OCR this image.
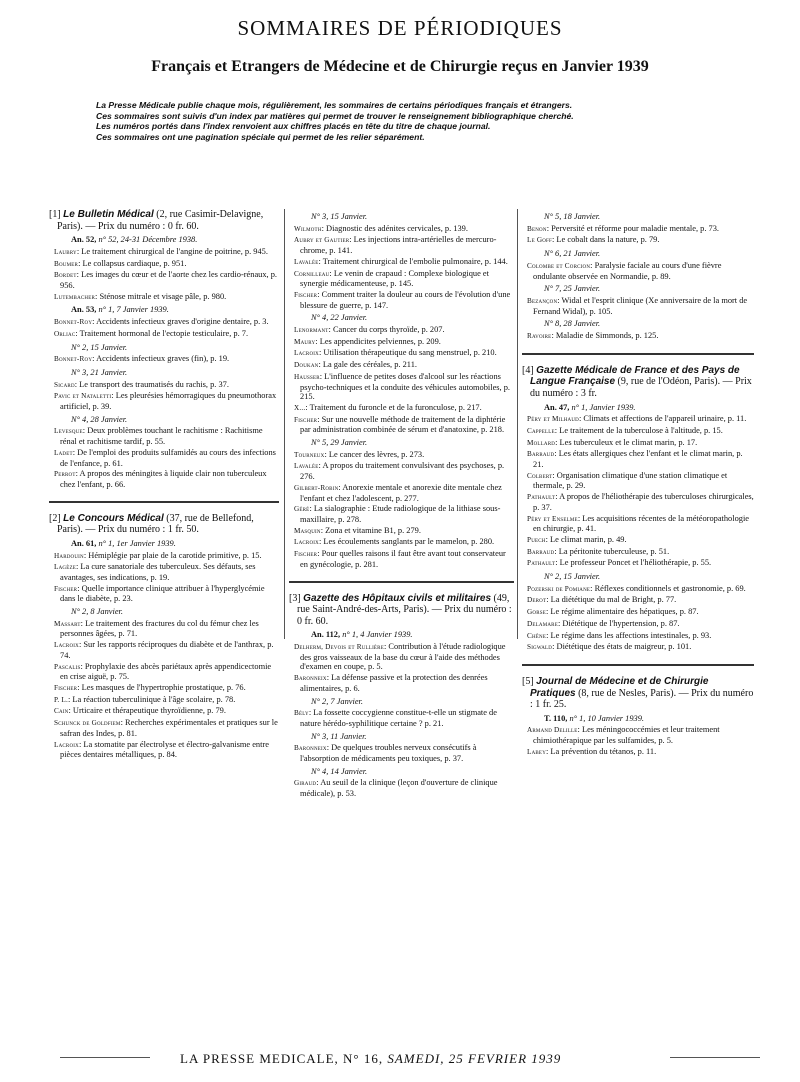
SOMMAIRES DE PÉRIODIQUES
Français et Etrangers de Médecine et de Chirurgie reçus en Janvier 1939
La Presse Médicale publie chaque mois, régulièrement, les sommaires de certains périodiques français et étrangers.
Ces sommaires sont suivis d'un index par matières qui permet de trouver le renseignement bibliographique cherché.
Les numéros portés dans l'index renvoient aux chiffres placés en tête du titre de chaque journal.
Ces sommaires ont une pagination spéciale qui permet de les relier séparément.
[1] Le Bulletin Médical (2, rue Casimir-Delavigne, Paris). — Prix du numéro : 0 fr. 60.
An. 52, n° 52, 24-31 Décembre 1938.
Laubry: Le traitement chirurgical de l'angine de poitrine, p. 945.
Boumer: Le collapsus cardiaque, p. 951.
Bordet: Les images du cœur et de l'aorte chez les cardio-rénaux, p. 956.
Lutembacher: Sténose mitrale et visage pâle, p. 980.
An. 53, n° 1, 7 Janvier 1939.
Bonnet-Roy: Accidents infectieux graves d'origine dentaire, p. 3.
Orliac: Traitement hormonal de l'ectopie testiculaire, p. 7.
N° 2, 15 Janvier.
Bonnet-Roy: Accidents infectieux graves (fin), p. 19.
N° 3, 21 Janvier.
Sicard: Le transport des traumatisés du rachis, p. 37.
Pavic et Nataletti: Les pleurésies hémorragiques du pneumothorax artificiel, p. 39.
N° 4, 28 Janvier.
Levesque: Deux problèmes touchant le rachitisme : Rachitisme rénal et rachitisme tardif, p. 55.
Ladet: De l'emploi des produits sulfamidés au cours des infections de l'enfance, p. 61.
Perrot: A propos des méningites à liquide clair non tuberculeux chez l'enfant, p. 66.
[2] Le Concours Médical (37, rue de Bellefond, Paris). — Prix du numéro : 1 fr. 50.
An. 61, n° 1, 1er Janvier 1939.
Hardouin: Hémiplégie par plaie de la carotide primitive, p. 15.
Lagèze: La cure sanatoriale des tuberculeux. Ses défauts, ses avantages, ses indications, p. 19.
Fischer: Quelle importance clinique attribuer à l'hyperglycémie dans le diabète, p. 23.
N° 2, 8 Janvier.
Massart: Le traitement des fractures du col du fémur chez les personnes âgées, p. 71.
Lacroix: Sur les rapports réciproques du diabète et de l'anthrax, p. 74.
Pascalis: Prophylaxie des abcès pariétaux après appendicectomie en crise aiguë, p. 75.
Fischer: Les masques de l'hypertrophie prostatique, p. 76.
P. L.: La réaction tuberculinique à l'âge scolaire, p. 78.
Cain: Urticaire et thérapeutique thyroïdienne, p. 79.
Schunck de Goldfiem: Recherches expérimentales et pratiques sur le safran des Indes, p. 81.
Lacroix: La stomatite par électrolyse et électro-galvanisme entre pièces dentaires métalliques, p. 84.
N° 3, 15 Janvier.
Wilmoth: Diagnostic des adénites cervicales, p. 139.
Aubry et Gautier: Les injections intra-artérielles de mercuro-chrome, p. 141.
Lavalée: Traitement chirurgical de l'embolie pulmonaire, p. 144.
Cornilleau: Le venin de crapaud : Complexe biologique et synergie médicamenteuse, p. 145.
Fischer: Comment traiter la douleur au cours de l'évolution d'une blessure de guerre, p. 147.
N° 4, 22 Janvier.
Lenormant: Cancer du corps thyroïde, p. 207.
Maury: Les appendicites pelviennes, p. 209.
Lacroix: Utilisation thérapeutique du sang menstruel, p. 210.
Doukan: La gale des céréales, p. 211.
Hausser: L'influence de petites doses d'alcool sur les réactions psycho-techniques et la conduite des véhicules automobiles, p. 215.
X...: Traitement du furoncle et de la furonculose, p. 217.
Fischer: Sur une nouvelle méthode de traitement de la diphtérie par administration combinée de sérum et d'anatoxine, p. 218.
N° 5, 29 Janvier.
Tourneux: Le cancer des lèvres, p. 273.
Lavalée: A propos du traitement convulsivant des psychoses, p. 276.
Gilbert-Robin: Anorexie mentale et anorexie dite mentale chez l'enfant et chez l'adolescent, p. 277.
Géré: La sialographie : Etude radiologique de la lithiase sous-maxillaire, p. 278.
Masquin: Zona et vitamine B1, p. 279.
Lacroix: Les écoulements sanglants par le mamelon, p. 280.
Fischer: Pour quelles raisons il faut être avant tout conservateur en gynécologie, p. 281.
[3] Gazette des Hôpitaux civils et militaires (49, rue Saint-André-des-Arts, Paris). — Prix du numéro : 0 fr. 60.
An. 112, n° 1, 4 Janvier 1939.
Delherm, Devois et Rullière: Contribution à l'étude radiologique des gros vaisseaux de la base du cœur à l'aide des méthodes d'examen en coupe, p. 5.
Baronneix: La défense passive et la protection des denrées alimentaires, p. 6.
N° 2, 7 Janvier.
Bély: La fossette coccygienne constitue-t-elle un stigmate de nature hérédo-syphilitique certaine ? p. 21.
N° 3, 11 Janvier.
Baronneix: De quelques troubles nerveux consécutifs à l'absorption de médicaments peu toxiques, p. 37.
N° 4, 14 Janvier.
Giraud: Au seuil de la clinique (leçon d'ouverture de clinique médicale), p. 53.
N° 5, 18 Janvier.
Benon: Perversité et réforme pour maladie mentale, p. 73.
Le Goff: Le cobalt dans la nature, p. 79.
N° 6, 21 Janvier.
Colombe et Corcion: Paralysie faciale au cours d'une fièvre ondulante observée en Normandie, p. 89.
N° 7, 25 Janvier.
Bezançon: Widal et l'esprit clinique (Xe anniversaire de la mort de Fernand Widal), p. 105.
N° 8, 28 Janvier.
Ravoire: Maladie de Simmonds, p. 125.
[4] Gazette Médicale de France et des Pays de Langue Française (9, rue de l'Odéon, Paris). — Prix du numéro : 3 fr.
An. 47, n° 1, Janvier 1939.
Péry et Milhaud: Climats et affections de l'appareil urinaire, p. 11.
Cappelle: Le traitement de la tuberculose à l'altitude, p. 15.
Mollard: Les tuberculeux et le climat marin, p. 17.
Barraud: Les états allergiques chez l'enfant et le climat marin, p. 21.
Colbert: Organisation climatique d'une station climatique et thermale, p. 29.
Pathault: A propos de l'héliothérapie des tuberculoses chirurgicales, p. 37.
Péry et Enselme: Les acquisitions récentes de la météoropathologie en chirurgie, p. 41.
Puech: Le climat marin, p. 49.
Barraud: La péritonite tuberculeuse, p. 51.
Pathault: Le professeur Poncet et l'héliothérapie, p. 55.
N° 2, 15 Janvier.
Pozerski de Pomiane: Réflexes conditionnels et gastronomie, p. 69.
Derot: La diététique du mal de Bright, p. 77.
Gorse: Le régime alimentaire des hépatiques, p. 87.
Delamare: Diététique de l'hypertension, p. 87.
Chêne: Le régime dans les affections intestinales, p. 93.
Sigwald: Diététique des états de maigreur, p. 101.
[5] Journal de Médecine et de Chirurgie Pratiques (8, rue de Nesles, Paris). — Prix du numéro : 1 fr. 25.
T. 110, n° 1, 10 Janvier 1939.
Armand Delille: Les méningococcémies et leur traitement chimiothérapique par les sulfamides, p. 5.
Labey: La prévention du tétanos, p. 11.
LA PRESSE MEDICALE, N° 16, SAMEDI, 25 FEVRIER 1939
